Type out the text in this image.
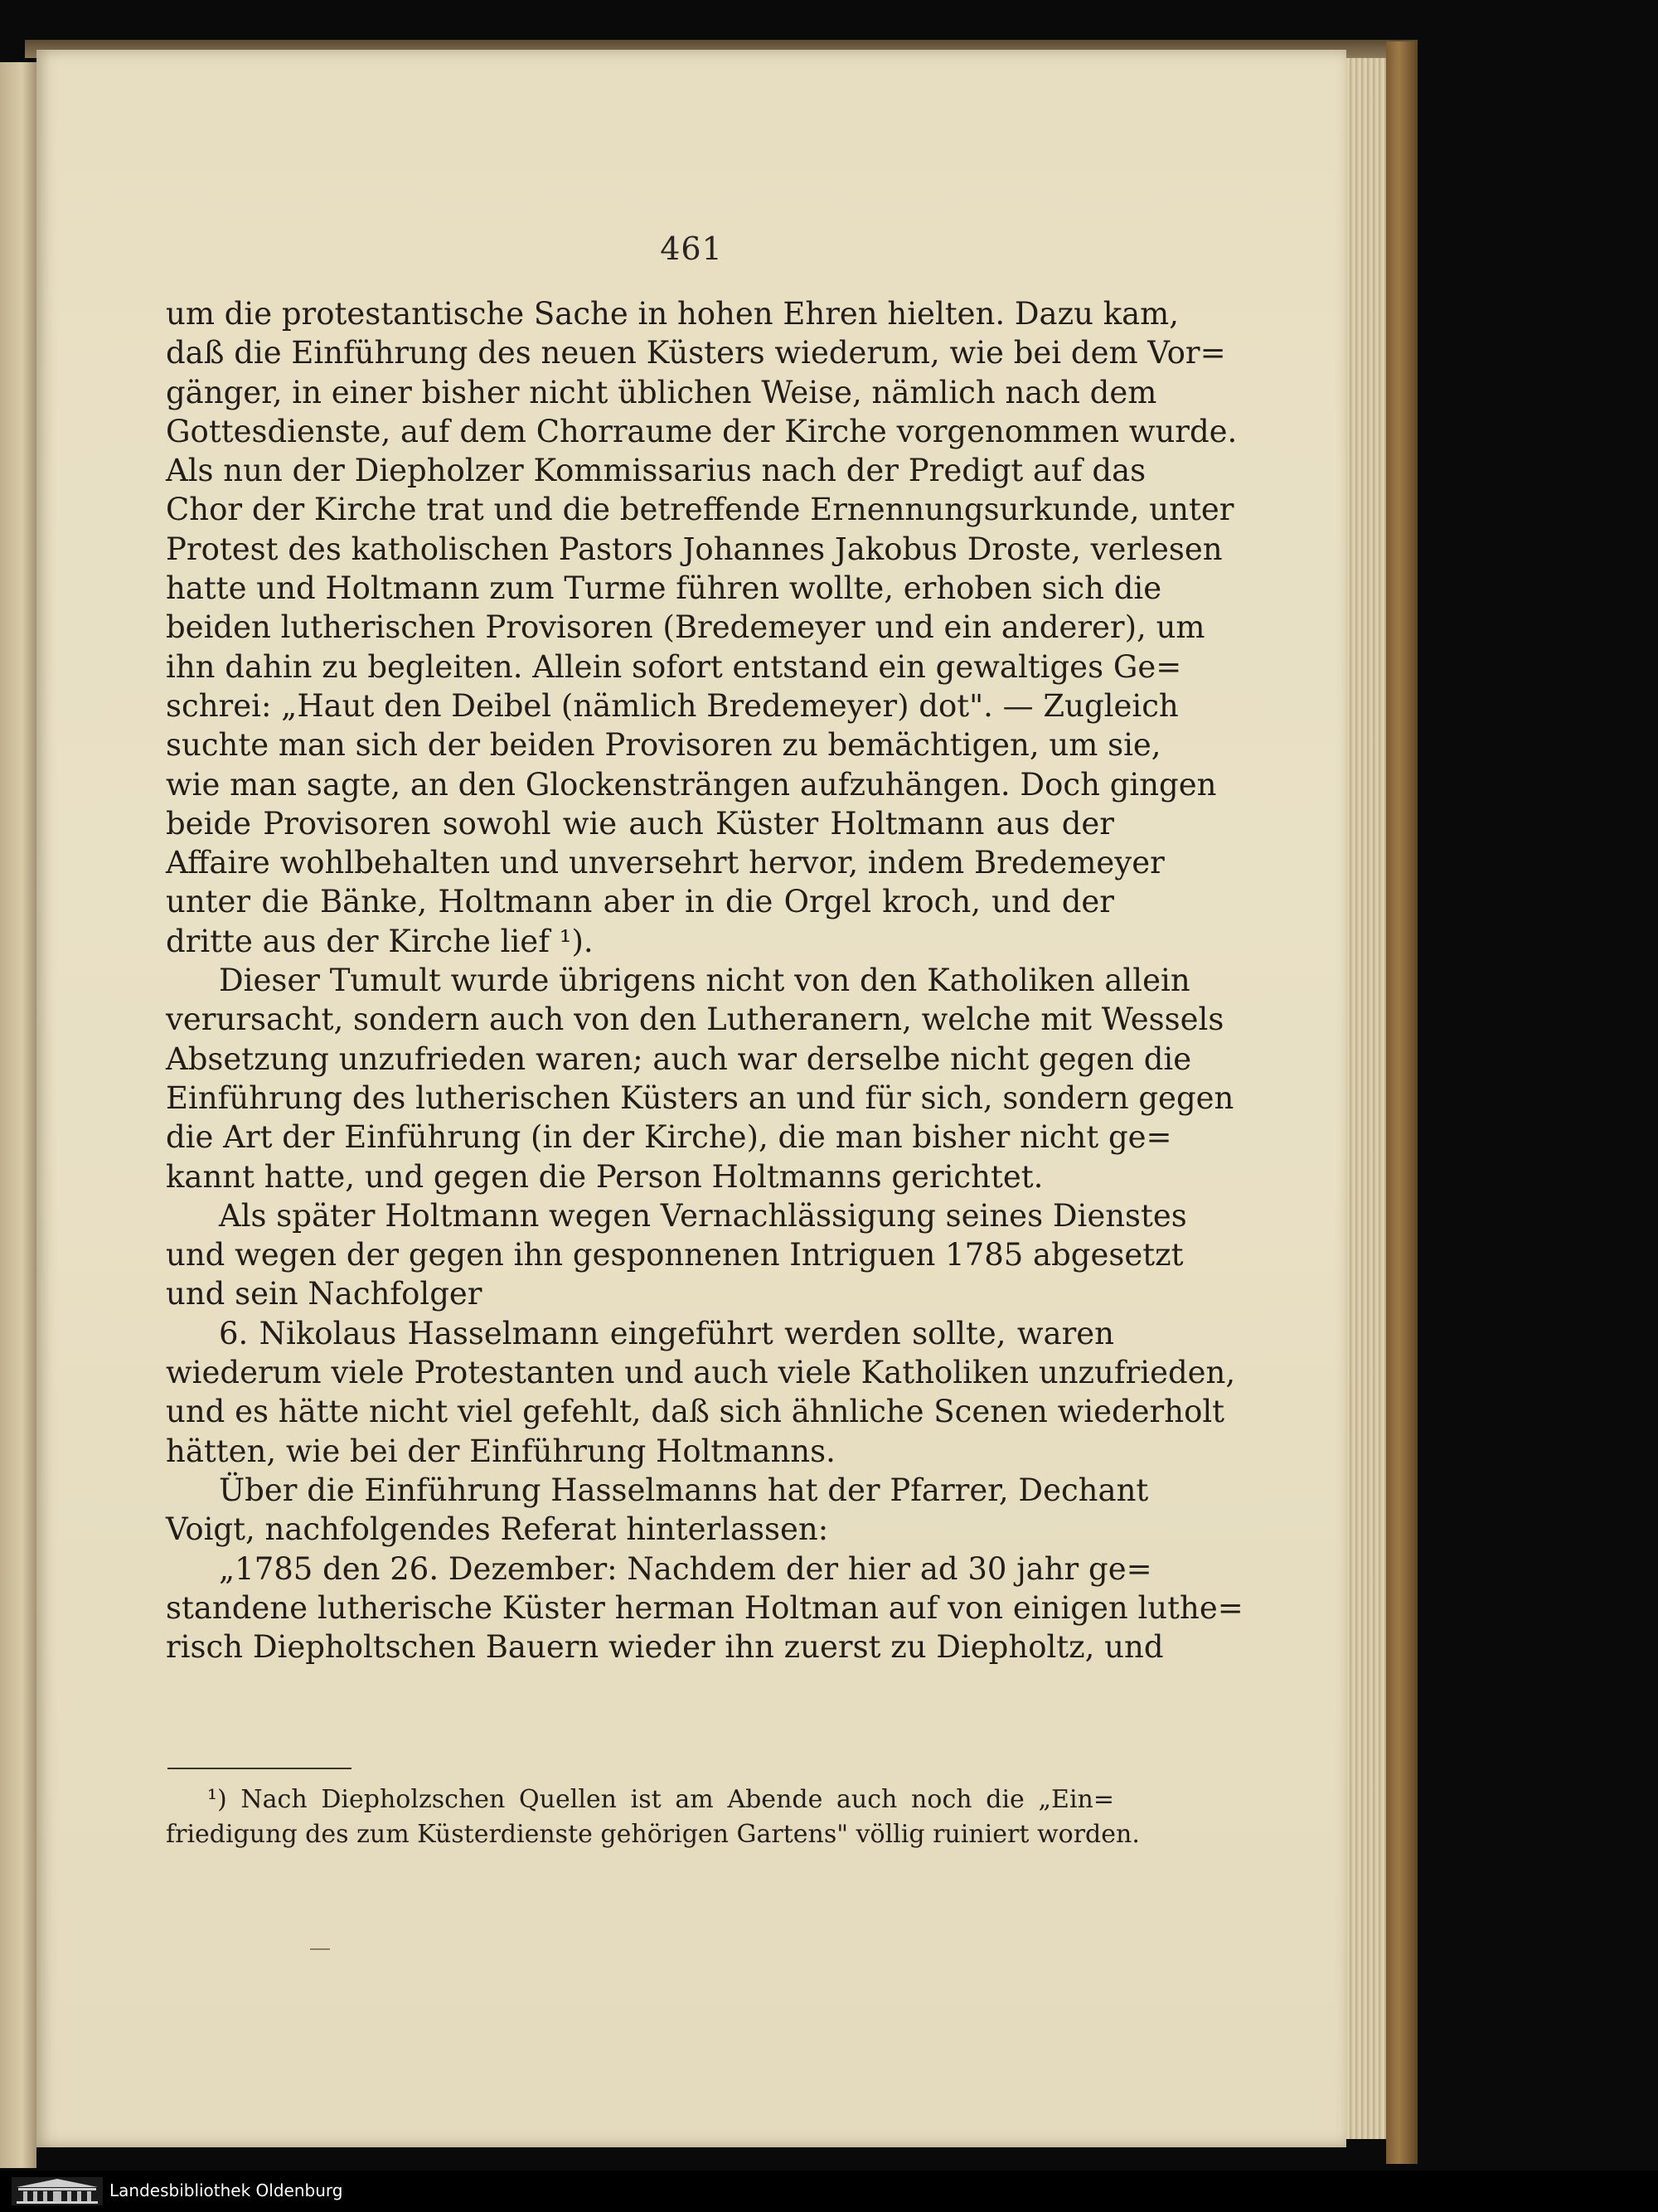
461
um die protestantische Sache in hohen Ehren hielten. Dazu kam,
daß die Einführung des neuen Küsters wiederum, wie bei dem Vor=
gänger, in einer bisher nicht üblichen Weise, nämlich nach dem
Gottesdienste, auf dem Chorraume der Kirche vorgenommen wurde.
Als nun der Diepholzer Kommissarius nach der Predigt auf das
Chor der Kirche trat und die betreffende Ernennungsurkunde, unter
Protest des katholischen Pastors Johannes Jakobus Droste, verlesen
hatte und Holtmann zum Turme führen wollte, erhoben sich die
beiden lutherischen Provisoren (Bredemeyer und ein anderer), um
ihn dahin zu begleiten. Allein sofort entstand ein gewaltiges Ge=
schrei: „Haut den Deibel (nämlich Bredemeyer) dot". — Zugleich
suchte man sich der beiden Provisoren zu bemächtigen, um sie,
wie man sagte, an den Glockensträngen aufzuhängen. Doch gingen
beide Provisoren sowohl wie auch Küster Holtmann aus der
Affaire wohlbehalten und unversehrt hervor, indem Bredemeyer
unter die Bänke, Holtmann aber in die Orgel kroch, und der
dritte aus der Kirche lief ¹).
Dieser Tumult wurde übrigens nicht von den Katholiken allein
verursacht, sondern auch von den Lutheranern, welche mit Wessels
Absetzung unzufrieden waren; auch war derselbe nicht gegen die
Einführung des lutherischen Küsters an und für sich, sondern gegen
die Art der Einführung (in der Kirche), die man bisher nicht ge=
kannt hatte, und gegen die Person Holtmanns gerichtet.
Als später Holtmann wegen Vernachlässigung seines Dienstes
und wegen der gegen ihn gesponnenen Intriguen 1785 abgesetzt
und sein Nachfolger
6. Nikolaus Hasselmann eingeführt werden sollte, waren
wiederum viele Protestanten und auch viele Katholiken unzufrieden,
und es hätte nicht viel gefehlt, daß sich ähnliche Scenen wiederholt
hätten, wie bei der Einführung Holtmanns.
Über die Einführung Hasselmanns hat der Pfarrer, Dechant
Voigt, nachfolgendes Referat hinterlassen:
„1785 den 26. Dezember: Nachdem der hier ad 30 jahr ge=
standene lutherische Küster herman Holtman auf von einigen luthe=
risch Diepholtschen Bauern wieder ihn zuerst zu Diepholtz, und
¹) Nach Diepholzschen Quellen ist am Abende auch noch die „Ein=
friedigung des zum Küsterdienste gehörigen Gartens" völlig ruiniert worden.
Landesbibliothek Oldenburg
